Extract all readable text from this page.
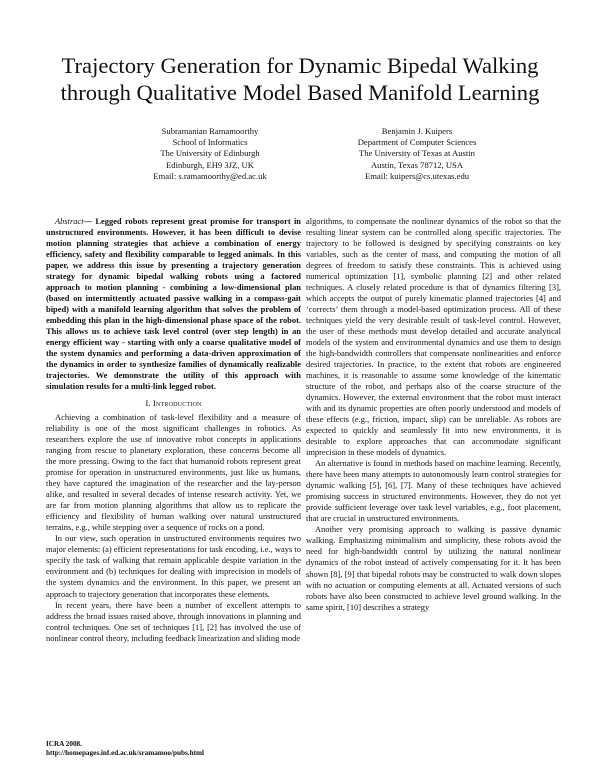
Trajectory Generation for Dynamic Bipedal Walking
through Qualitative Model Based Manifold Learning
Subramanian Ramamoorthy
School of Informatics
The University of Edinburgh
Edinburgh, EH9 3JZ, UK
Email: s.ramamoorthy@ed.ac.uk
Benjamin J. Kuipers
Department of Computer Sciences
The University of Texas at Austin
Austin, Texas 78712, USA
Email: kuipers@cs.utexas.edu

Abstract— Legged robots represent great promise for transport in unstructured environments. However, it has been difficult to devise motion planning strategies that achieve a combination of energy efficiency, safety and flexibility comparable to legged animals. In this paper, we address this issue by presenting a trajectory generation strategy for dynamic bipedal walking robots using a factored approach to motion planning - combining a low-dimensional plan (based on intermittently actuated passive walking in a compass-gait biped) with a manifold learning algorithm that solves the problem of embedding this plan in the high-dimensional phase space of the robot. This allows us to achieve task level control (over step length) in an energy efficient way - starting with only a coarse qualitative model of the system dynamics and performing a data-driven approximation of the dynamics in order to synthesize families of dynamically realizable trajectories. We demonstrate the utility of this approach with simulation results for a multi-link legged robot.

I. Introduction

Achieving a combination of task-level flexibility and a measure of reliability is one of the most significant challenges in robotics. As researchers explore the use of innovative robot concepts in applications ranging from rescue to planetary exploration, these concerns become all the more pressing. Owing to the fact that humanoid robots represent great promise for operation in unstructured environments, just like us humans, they have captured the imagination of the researcher and the lay-person alike, and resulted in several decades of intense research activity. Yet, we are far from motion planning algorithms that allow us to replicate the efficiency and flexibility of human walking over natural unstructured terrains, e.g., while stepping over a sequence of rocks on a pond.

In our view, such operation in unstructured environments requires two major elements: (a) efficient representations for task encoding, i.e., ways to specify the task of walking that remain applicable despite variation in the environment and (b) techniques for dealing with imprecision in models of the system dynamics and the environment. In this paper, we present an approach to trajectory generation that incorporates these elements.

In recent years, there have been a number of excellent attempts to address the broad issues raised above, through innovations in planning and control techniques. One set of techniques [1], [2] has involved the use of nonlinear control theory, including feedback linearization and sliding mode

algorithms, to compensate the nonlinear dynamics of the robot so that the resulting linear system can be controlled along specific trajectories. The trajectory to be followed is designed by specifying constraints on key variables, such as the center of mass, and computing the motion of all degrees of freedom to satisfy these constraints. This is achieved using numerical optimization [1], symbolic planning [2] and other related techniques. A closely related procedure is that of dynamics filtering [3], which accepts the output of purely kinematic planned trajectories [4] and ‘corrects’ them through a model-based optimization process. All of these techniques yield the very desirable result of task-level control. However, the user of these methods must develop detailed and accurate analytical models of the system and environmental dynamics and use them to design the high-bandwidth controllers that compensate nonlinearities and enforce desired trajectories. In practice, to the extent that robots are engineered machines, it is reasonable to assume some knowledge of the kinematic structure of the robot, and perhaps also of the coarse structure of the dynamics. However, the external environment that the robot must interact with and its dynamic properties are often poorly understood and models of these effects (e.g., friction, impact, slip) can be unreliable. As robots are expected to quickly and seamlessly fit into new environments, it is desirable to explore approaches that can accommodate significant imprecision in these models of dynamics.

An alternative is found in methods based on machine learning. Recently, there have been many attempts to autonomously learn control strategies for dynamic walking [5], [6], [7]. Many of these techniques have achieved promising success in structured environments. However, they do not yet provide sufficient leverage over task level variables, e.g., foot placement, that are crucial in unstructured environments.

Another very promising approach to walking is passive dynamic walking. Emphasizing minimalism and simplicity, these robots avoid the need for high-bandwidth control by utilizing the natural nonlinear dynamics of the robot instead of actively compensating for it. It has been shown [8], [9] that bipedal robots may be constructed to walk down slopes with no actuation or computing elements at all. Actuated versions of such robots have also been constructed to achieve level ground walking. In the same spirit, [10] describes a strategy

ICRA 2008.
http://homepages.inf.ed.ac.uk/sramamoo/pubs.html
